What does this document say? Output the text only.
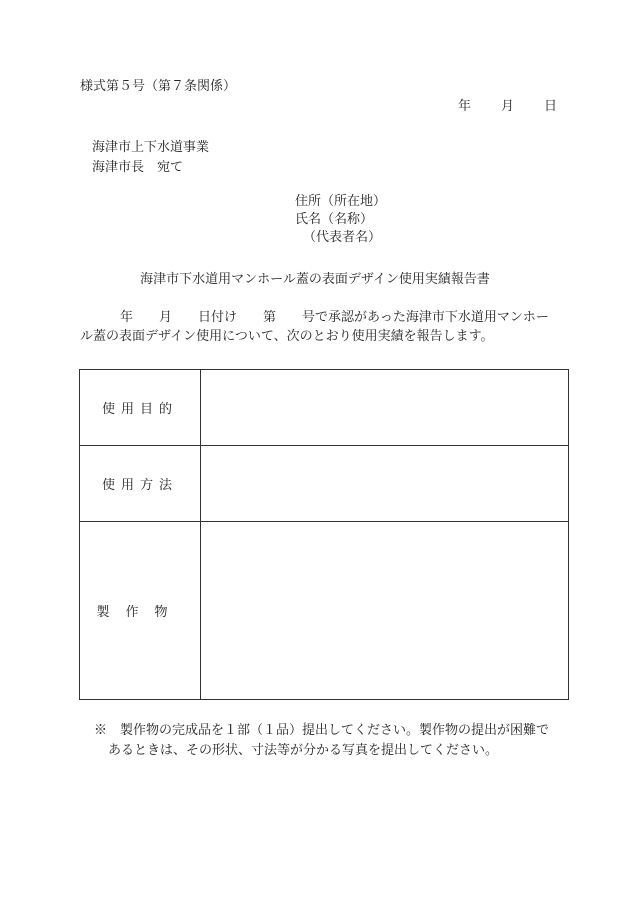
様式第５号（第７条関係）
年 月 日
海津市上下水道事業
海津市長　宛て
住所（所在地）
氏名（名称）
（代表者名）
海津市下水道用マンホール蓋の表面デザイン使用実績報告書
年　　月　　日付け　　第　　号で承認があった海津市下水道用マンホー
ル蓋の表面デザイン使用について、次のとおり使用実績を報告します。
使用目的	
使用方法	
製作物	
※　製作物の完成品を１部（１品）提出してください。製作物の提出が困難で
あるときは、その形状、寸法等が分かる写真を提出してください。
